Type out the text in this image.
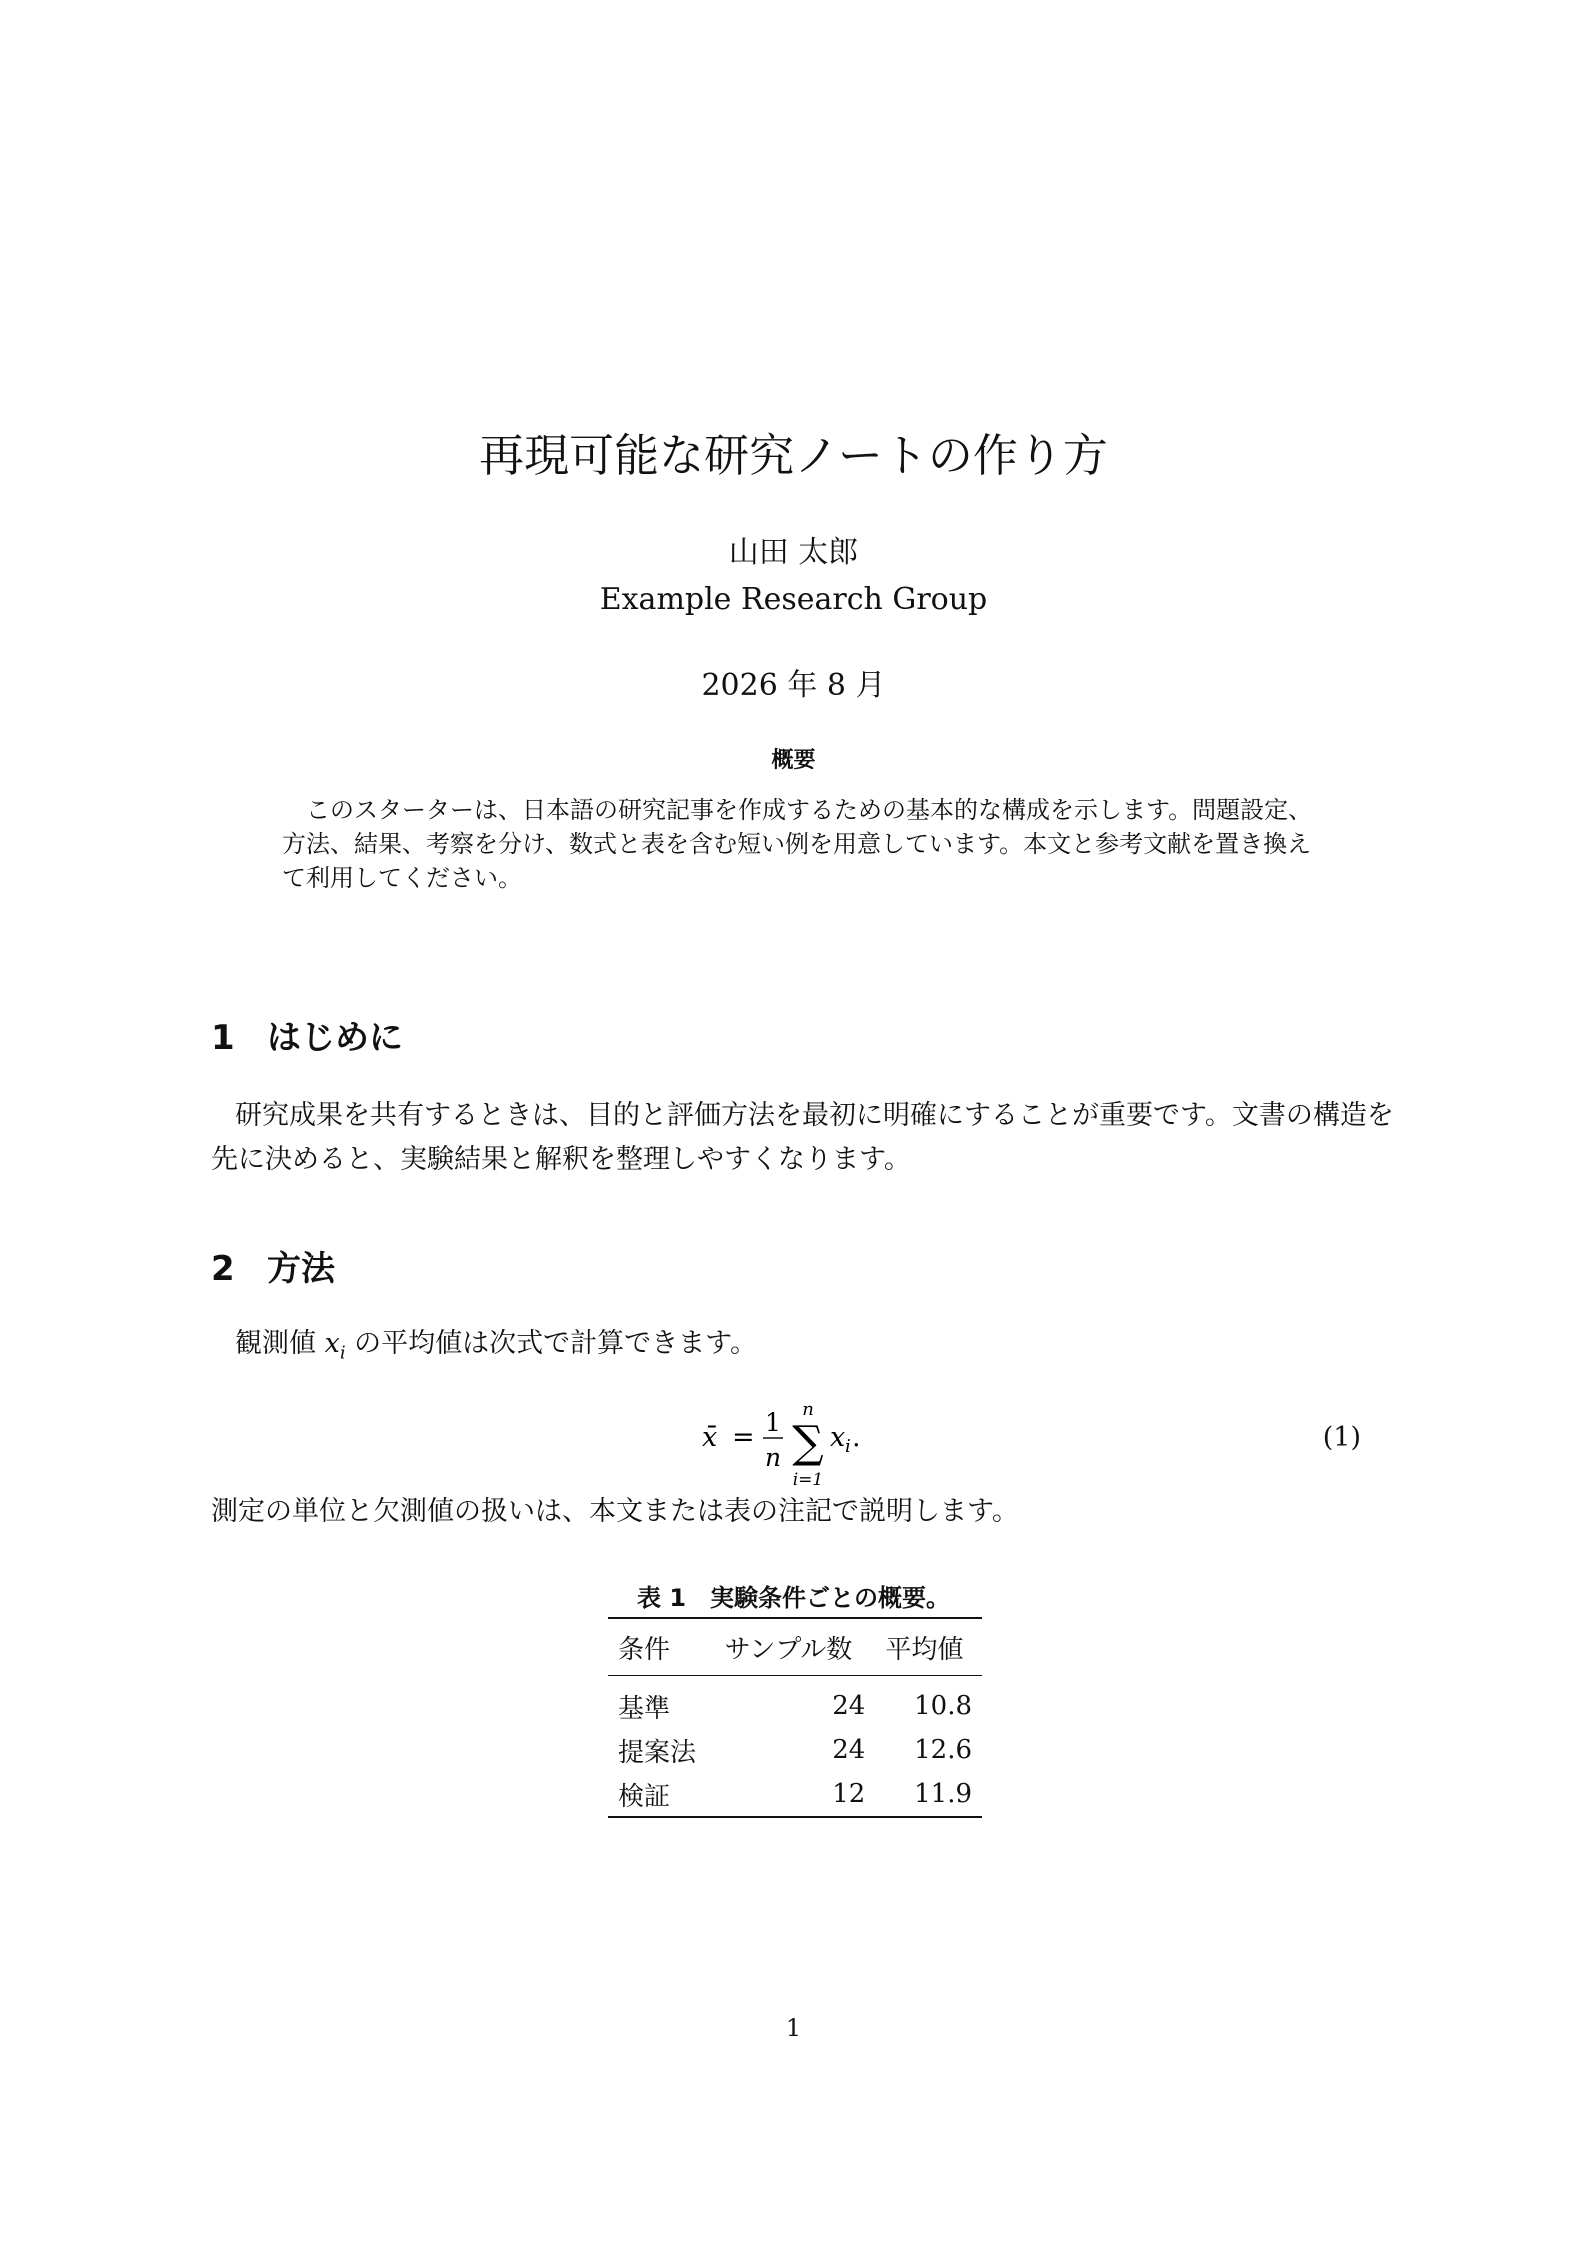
再現可能な研究ノートの作り方
山田 太郎
Example Research Group
2026 年 8 月
概要
このスターターは、日本語の研究記事を作成するための基本的な構成を示します。問題設定、
方法、結果、考察を分け、数式と表を含む短い例を用意しています。本文と参考文献を置き換え
て利用してください。
1 はじめに
研究成果を共有するときは、目的と評価方法を最初に明確にすることが重要です。文書の構造を
先に決めると、実験結果と解釈を整理しやすくなります。
2 方法
観測値 $x_i$ の平均値は次式で計算できます。
x̄ = 1
n
n
∑
i=1
x i .	(1)
測定の単位と欠測値の扱いは、本文または表の注記で説明します。
表 1　実験条件ごとの概要。
条件	サンプル数	平均値
基準	24	10.8
提案法	24	12.6
検証	12	11.9
1
